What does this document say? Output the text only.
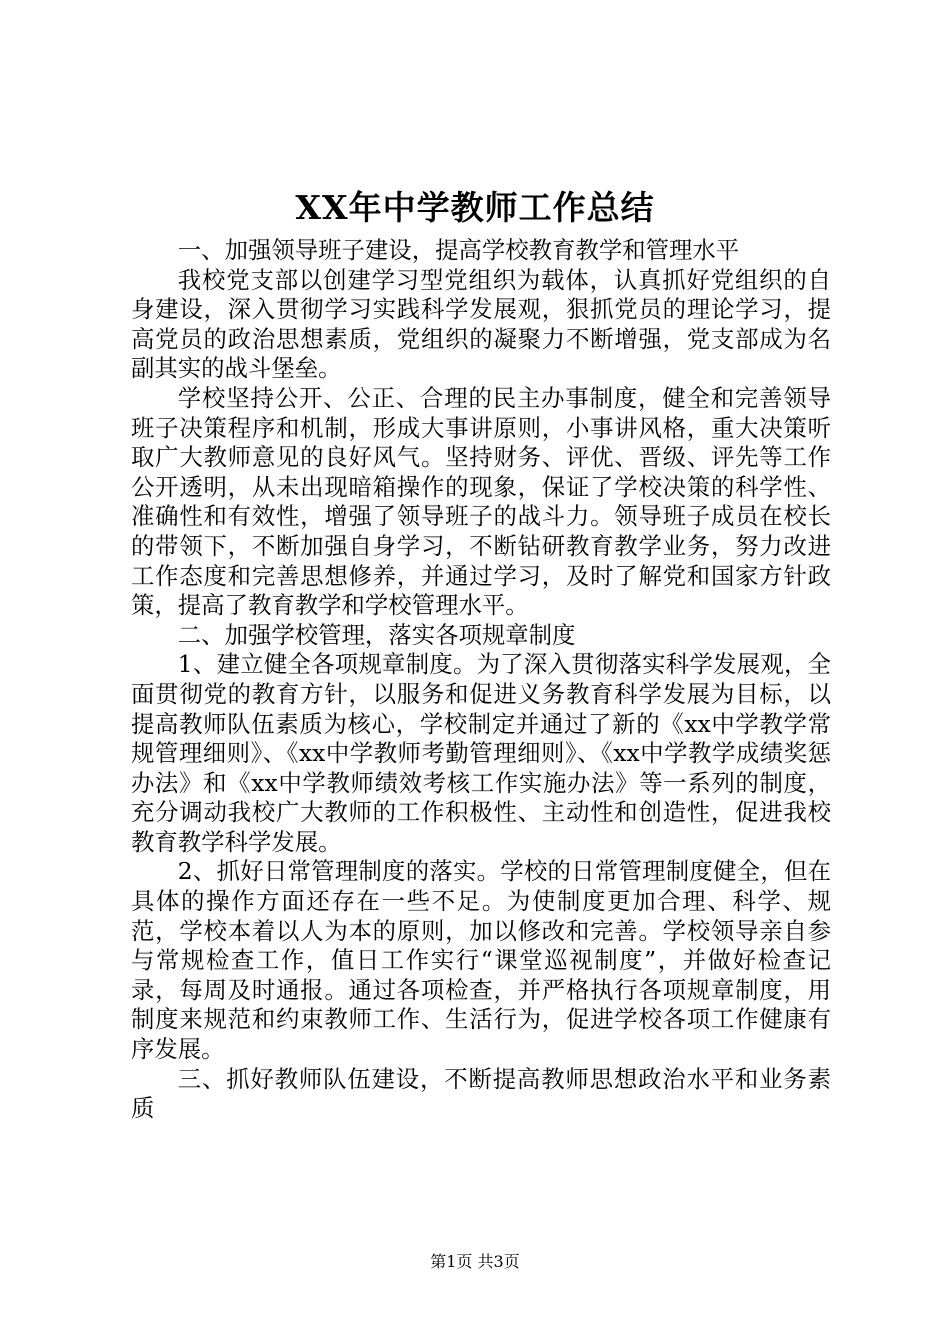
XX年中学教师工作总结

一、加强领导班子建设，提高学校教育教学和管理水平

我校党支部以创建学习型党组织为载体，认真抓好党组织的自身建设，深入贯彻学习实践科学发展观，狠抓党员的理论学习，提高党员的政治思想素质，党组织的凝聚力不断增强，党支部成为名副其实的战斗堡垒。

学校坚持公开、公正、合理的民主办事制度，健全和完善领导班子决策程序和机制，形成大事讲原则，小事讲风格，重大决策听取广大教师意见的良好风气。坚持财务、评优、晋级、评先等工作公开透明，从未出现暗箱操作的现象，保证了学校决策的科学性、准确性和有效性，增强了领导班子的战斗力。领导班子成员在校长的带领下，不断加强自身学习，不断钻研教育教学业务，努力改进工作态度和完善思想修养，并通过学习，及时了解党和国家方针政策，提高了教育教学和学校管理水平。

二、加强学校管理，落实各项规章制度

1、建立健全各项规章制度。为了深入贯彻落实科学发展观，全面贯彻党的教育方针，以服务和促进义务教育科学发展为目标，以提高教师队伍素质为核心，学校制定并通过了新的《xx中学教学常规管理细则》、《xx中学教师考勤管理细则》、《xx中学教学成绩奖惩办法》和《xx中学教师绩效考核工作实施办法》等一系列的制度，充分调动我校广大教师的工作积极性、主动性和创造性，促进我校教育教学科学发展。

2、抓好日常管理制度的落实。学校的日常管理制度健全，但在具体的操作方面还存在一些不足。为使制度更加合理、科学、规范，学校本着以人为本的原则，加以修改和完善。学校领导亲自参与常规检查工作，值日工作实行“课堂巡视制度”，并做好检查记录，每周及时通报。通过各项检查，并严格执行各项规章制度，用制度来规范和约束教师工作、生活行为，促进学校各项工作健康有序发展。

三、抓好教师队伍建设，不断提高教师思想政治水平和业务素质

第1页 共3页
